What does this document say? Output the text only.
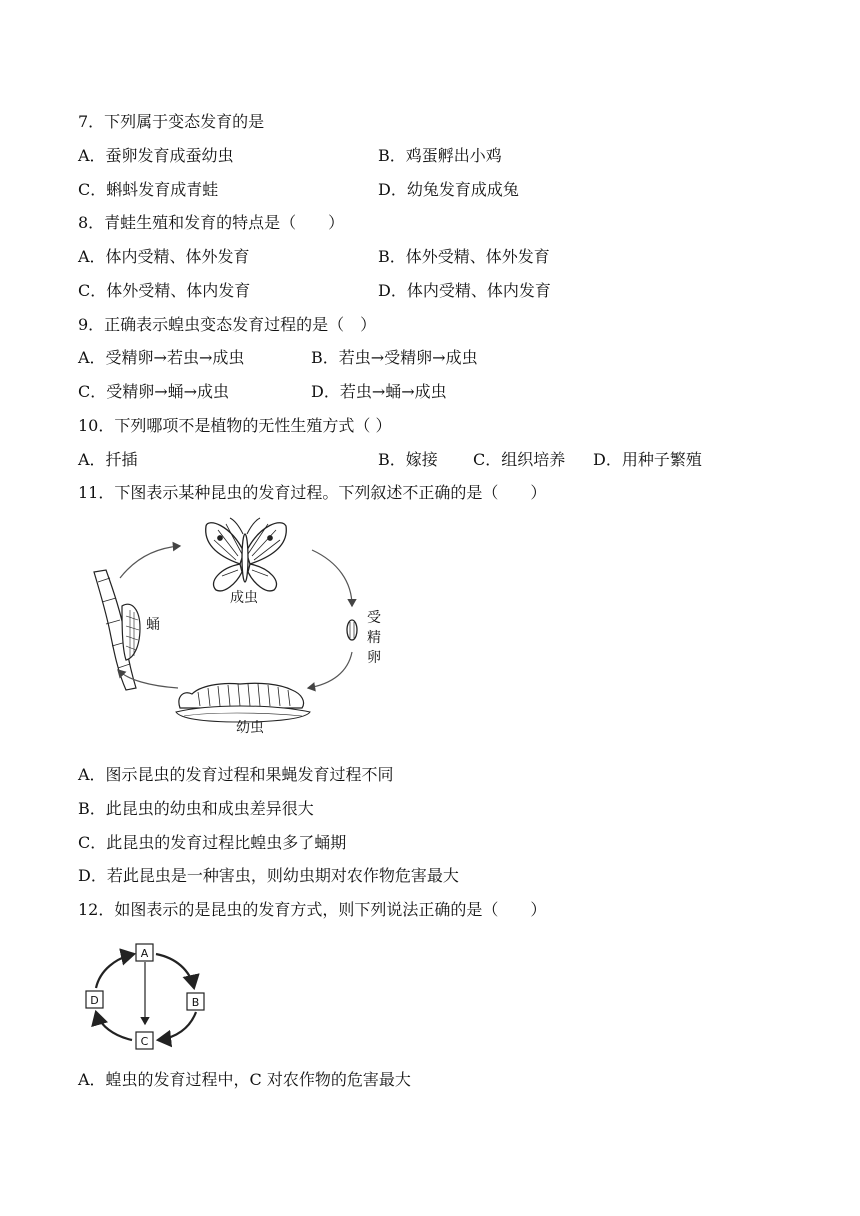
7．下列属于变态发育的是
A．蚕卵发育成蚕幼虫	B．鸡蛋孵出小鸡
C．蝌蚪发育成青蛙	D．幼兔发育成成兔
8．青蛙生殖和发育的特点是（　　）
A．体内受精、体外发育	B．体外受精、体外发育
C．体外受精、体内发育	D．体内受精、体内发育
9．正确表示蝗虫变态发育过程的是（　）
A．受精卵→若虫→成虫	B．若虫→受精卵→成虫
C．受精卵→蛹→成虫	D．若虫→蛹→成虫
10．下列哪项不是植物的无性生殖方式（ ）
A．扦插	B．嫁接 C．组织培养 D．用种子繁殖
11．下图表示某种昆虫的发育过程。下列叙述不正确的是（　　）
成虫
受
精
卵
幼虫
蛹
A．图示昆虫的发育过程和果蝇发育过程不同
B．此昆虫的幼虫和成虫差异很大
C．此昆虫的发育过程比蝗虫多了蛹期
D．若此昆虫是一种害虫，则幼虫期对农作物危害最大
12．如图表示的是昆虫的发育方式，则下列说法正确的是（　　）
A
B
C
D
A．蝗虫的发育过程中，C 对农作物的危害最大
